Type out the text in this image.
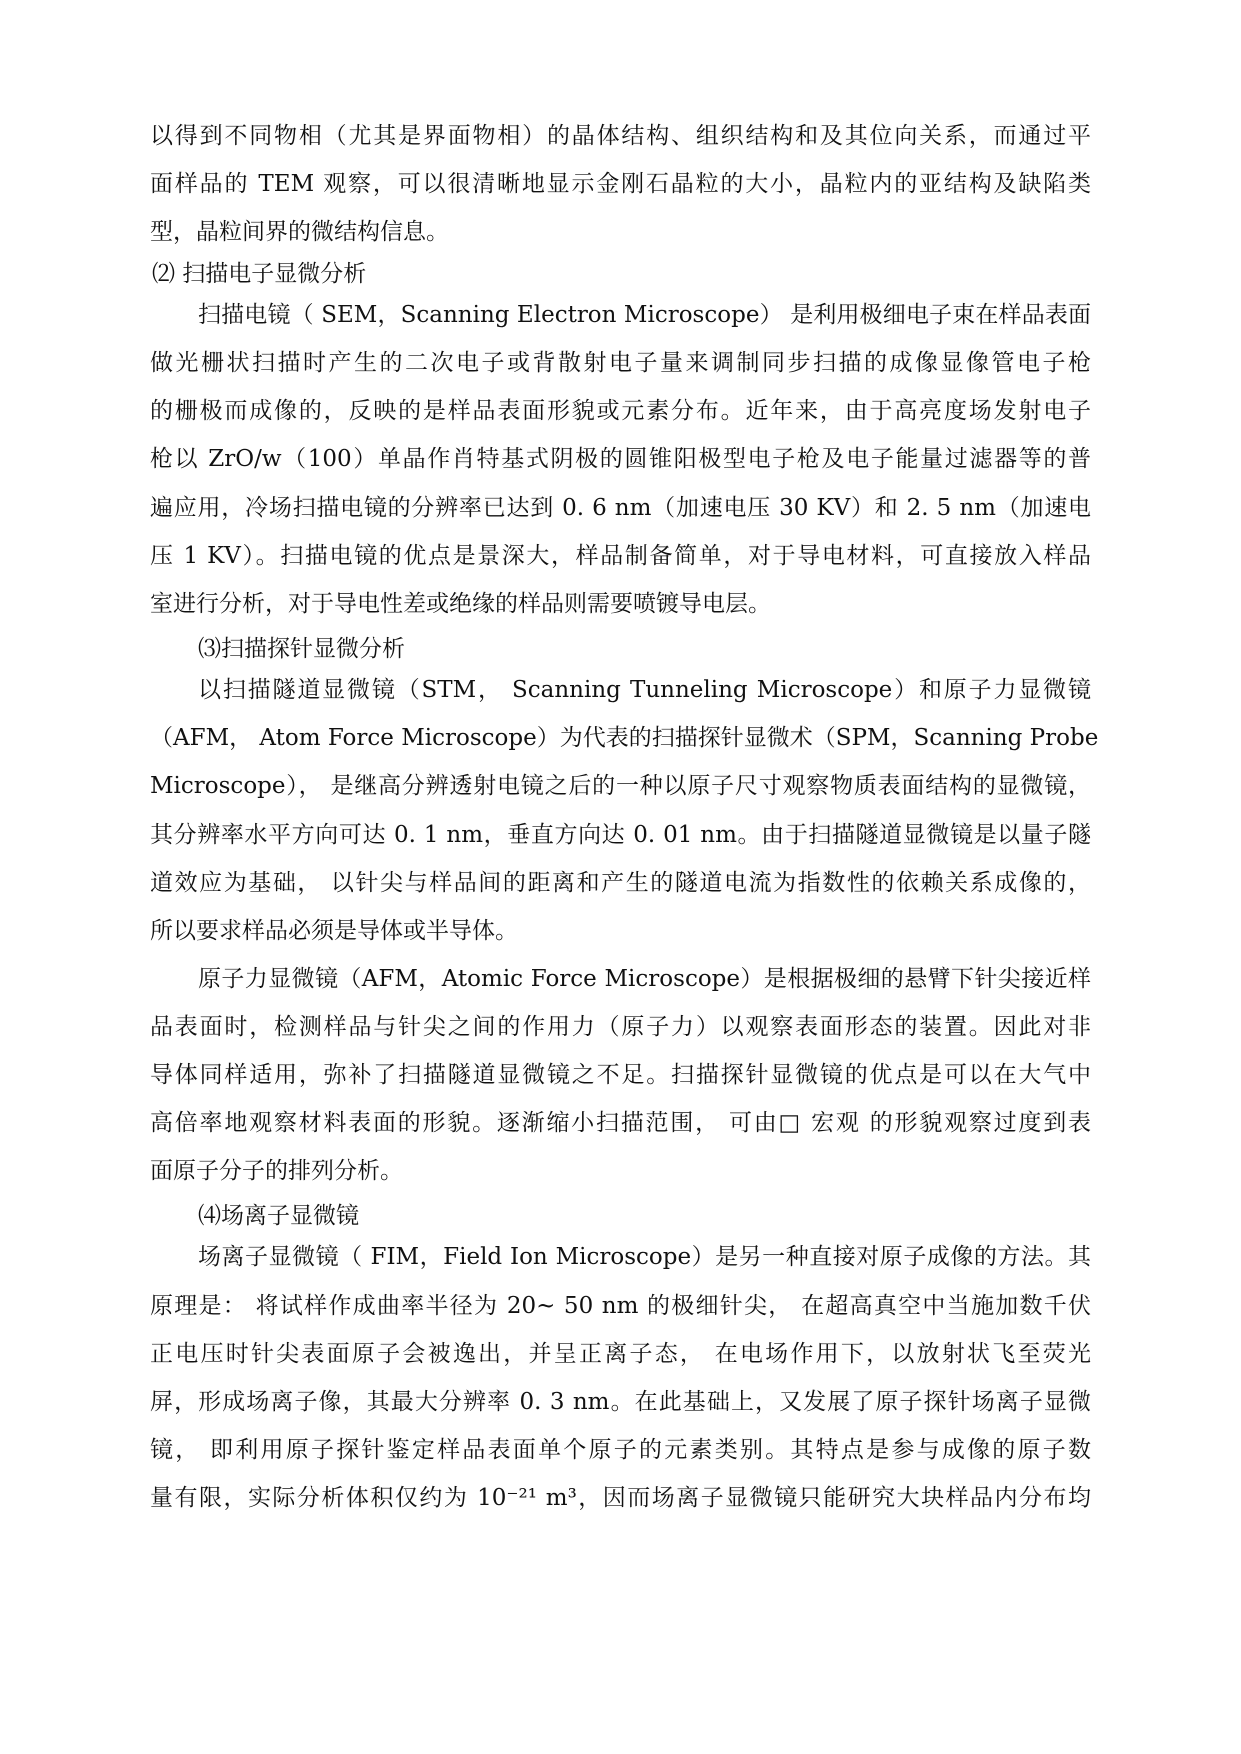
以得到不同物相（尤其是界面物相）的晶体结构、组织结构和及其位向关系，而通过平
面样品的 TEM 观察，可以很清晰地显示金刚石晶粒的大小，晶粒内的亚结构及缺陷类
型，晶粒间界的微结构信息。
⑵ 扫描电子显微分析
扫描电镜（ SEM，Scanning Electron Microscope） 是利用极细电子束在样品表面
做光栅状扫描时产生的二次电子或背散射电子量来调制同步扫描的成像显像管电子枪
的栅极而成像的，反映的是样品表面形貌或元素分布。近年来，由于高亮度场发射电子
枪以 ZrO/w（100）单晶作肖特基式阴极的圆锥阳极型电子枪及电子能量过滤器等的普
遍应用，冷场扫描电镜的分辨率已达到 0. 6 nm（加速电压 30 KV）和 2. 5 nm（加速电
压 1 KV）。扫描电镜的优点是景深大，样品制备简单，对于导电材料，可直接放入样品
室进行分析，对于导电性差或绝缘的样品则需要喷镀导电层。
⑶扫描探针显微分析
以扫描隧道显微镜（STM， Scanning Tunneling Microscope）和原子力显微镜
（AFM， Atom Force Microscope）为代表的扫描探针显微术（SPM，Scanning Probe
Microscope）， 是继高分辨透射电镜之后的一种以原子尺寸观察物质表面结构的显微镜，
其分辨率水平方向可达 0. 1 nm，垂直方向达 0. 01 nm。由于扫描隧道显微镜是以量子隧
道效应为基础， 以针尖与样品间的距离和产生的隧道电流为指数性的依赖关系成像的，
所以要求样品必须是导体或半导体。
原子力显微镜（AFM，Atomic Force Microscope）是根据极细的悬臂下针尖接近样
品表面时，检测样品与针尖之间的作用力（原子力）以观察表面形态的装置。因此对非
导体同样适用，弥补了扫描隧道显微镜之不足。扫描探针显微镜的优点是可以在大气中
高倍率地观察材料表面的形貌。逐渐缩小扫描范围， 可由□ 宏观 的形貌观察过度到表
面原子分子的排列分析。
⑷场离子显微镜
场离子显微镜（ FIM，Field Ion Microscope）是另一种直接对原子成像的方法。其
原理是： 将试样作成曲率半径为 20~ 50 nm 的极细针尖， 在超高真空中当施加数千伏
正电压时针尖表面原子会被逸出，并呈正离子态， 在电场作用下，以放射状飞至荧光
屏，形成场离子像，其最大分辨率 0. 3 nm。在此基础上，又发展了原子探针场离子显微
镜， 即利用原子探针鉴定样品表面单个原子的元素类别。其特点是参与成像的原子数
量有限，实际分析体积仅约为 10⁻²¹ m³，因而场离子显微镜只能研究大块样品内分布均
